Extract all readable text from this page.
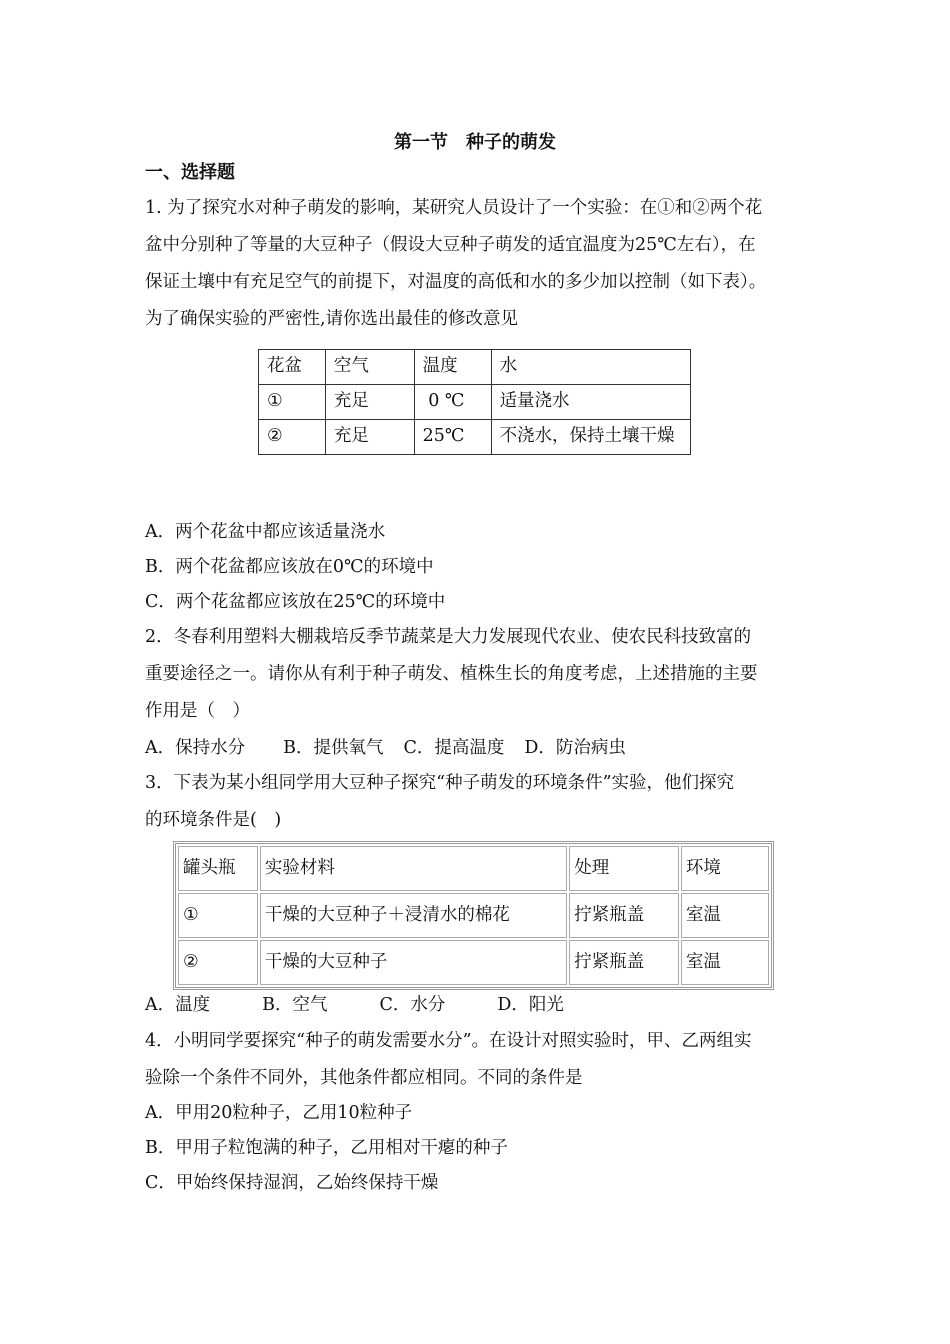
第一节　种子的萌发
一、选择题
1. 为了探究水对种子萌发的影响，某研究人员设计了一个实验：在①和②两个花
盆中分别种了等量的大豆种子（假设大豆种子萌发的适宜温度为25℃左右），在
保证土壤中有充足空气的前提下，对温度的高低和水的多少加以控制（如下表）。
为了确保实验的严密性,请你选出最佳的修改意见
花盆	空气	温度	水
①	充足	0 ℃	适量浇水
②	充足	25℃	不浇水，保持土壤干燥
A．两个花盆中都应该适量浇水
B．两个花盆都应该放在0℃的环境中
C．两个花盆都应该放在25℃的环境中
2．冬春利用塑料大棚栽培反季节蔬菜是大力发展现代农业、使农民科技致富的
重要途径之一。请你从有利于种子萌发、植株生长的角度考虑，上述措施的主要
作用是（　）
A．保持水分 B．提供氧气 C．提高温度 D．防治病虫
3．下表为某小组同学用大豆种子探究“种子萌发的环境条件”实验，他们探究
的环境条件是(　)
罐头瓶	实验材料	处理	环境
①	干燥的大豆种子＋浸清水的棉花	拧紧瓶盖	室温
②	干燥的大豆种子	拧紧瓶盖	室温
A．温度	B．空气	C．水分	D．阳光
4．小明同学要探究“种子的萌发需要水分”。在设计对照实验时，甲、乙两组实
验除一个条件不同外，其他条件都应相同。不同的条件是
A．甲用20粒种子，乙用10粒种子
B．甲用子粒饱满的种子，乙用相对干瘪的种子
C．甲始终保持湿润，乙始终保持干燥
